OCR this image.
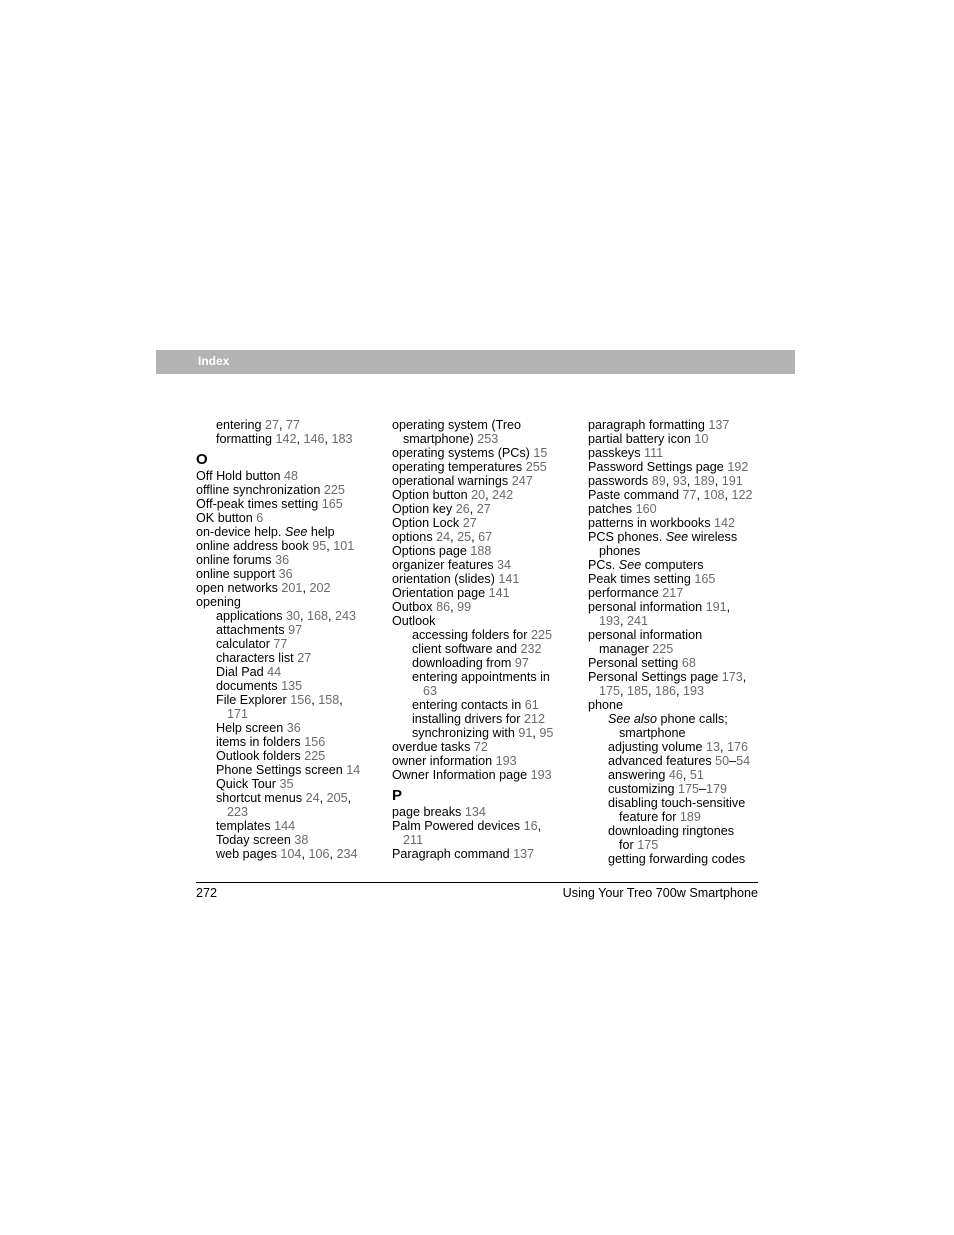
Index
entering 27, 77
formatting 142, 146, 183
O
Off Hold button 48
offline synchronization 225
Off-peak times setting 165
OK button 6
on-device help. See help
online address book 95, 101
online forums 36
online support 36
open networks 201, 202
opening
applications 30, 168, 243
attachments 97
calculator 77
characters list 27
Dial Pad 44
documents 135
File Explorer 156, 158,
171
Help screen 36
items in folders 156
Outlook folders 225
Phone Settings screen 14
Quick Tour 35
shortcut menus 24, 205,
223
templates 144
Today screen 38
web pages 104, 106, 234
operating system (Treo
smartphone) 253
operating systems (PCs) 15
operating temperatures 255
operational warnings 247
Option button 20, 242
Option key 26, 27
Option Lock 27
options 24, 25, 67
Options page 188
organizer features 34
orientation (slides) 141
Orientation page 141
Outbox 86, 99
Outlook
accessing folders for 225
client software and 232
downloading from 97
entering appointments in
63
entering contacts in 61
installing drivers for 212
synchronizing with 91, 95
overdue tasks 72
owner information 193
Owner Information page 193
P
page breaks 134
Palm Powered devices 16,
211
Paragraph command 137
paragraph formatting 137
partial battery icon 10
passkeys 111
Password Settings page 192
passwords 89, 93, 189, 191
Paste command 77, 108, 122
patches 160
patterns in workbooks 142
PCS phones. See wireless
phones
PCs. See computers
Peak times setting 165
performance 217
personal information 191,
193, 241
personal information
manager 225
Personal setting 68
Personal Settings page 173,
175, 185, 186, 193
phone
See also phone calls;
smartphone
adjusting volume 13, 176
advanced features 50–54
answering 46, 51
customizing 175–179
disabling touch-sensitive
feature for 189
downloading ringtones
for 175
getting forwarding codes
272	Using Your Treo 700w Smartphone
